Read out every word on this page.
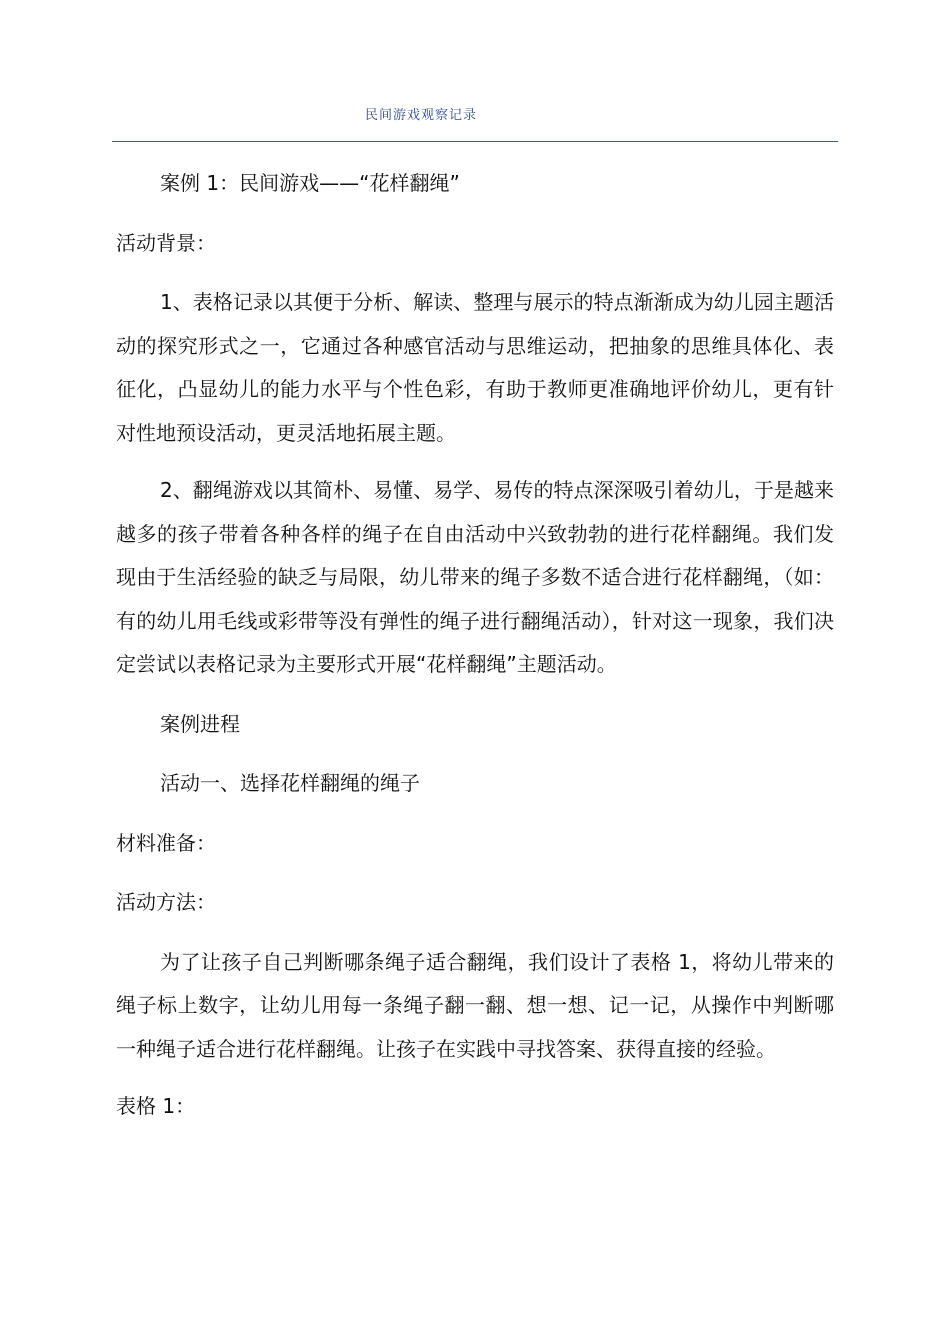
民间游戏观察记录

案例 1：民间游戏——“花样翻绳”

活动背景：

1、表格记录以其便于分析、解读、整理与展示的特点渐渐成为幼儿园主题活动的探究形式之一，它通过各种感官活动与思维运动，把抽象的思维具体化、表征化，凸显幼儿的能力水平与个性色彩，有助于教师更准确地评价幼儿，更有针对性地预设活动，更灵活地拓展主题。

2、翻绳游戏以其简朴、易懂、易学、易传的特点深深吸引着幼儿，于是越来越多的孩子带着各种各样的绳子在自由活动中兴致勃勃的进行花样翻绳。我们发现由于生活经验的缺乏与局限，幼儿带来的绳子多数不适合进行花样翻绳，（如：有的幼儿用毛线或彩带等没有弹性的绳子进行翻绳活动），针对这一现象，我们决定尝试以表格记录为主要形式开展“花样翻绳”主题活动。

案例进程

活动一、选择花样翻绳的绳子

材料准备：

活动方法：

为了让孩子自己判断哪条绳子适合翻绳，我们设计了表格 1，将幼儿带来的绳子标上数字，让幼儿用每一条绳子翻一翻、想一想、记一记，从操作中判断哪一种绳子适合进行花样翻绳。让孩子在实践中寻找答案、获得直接的经验。

表格 1：
